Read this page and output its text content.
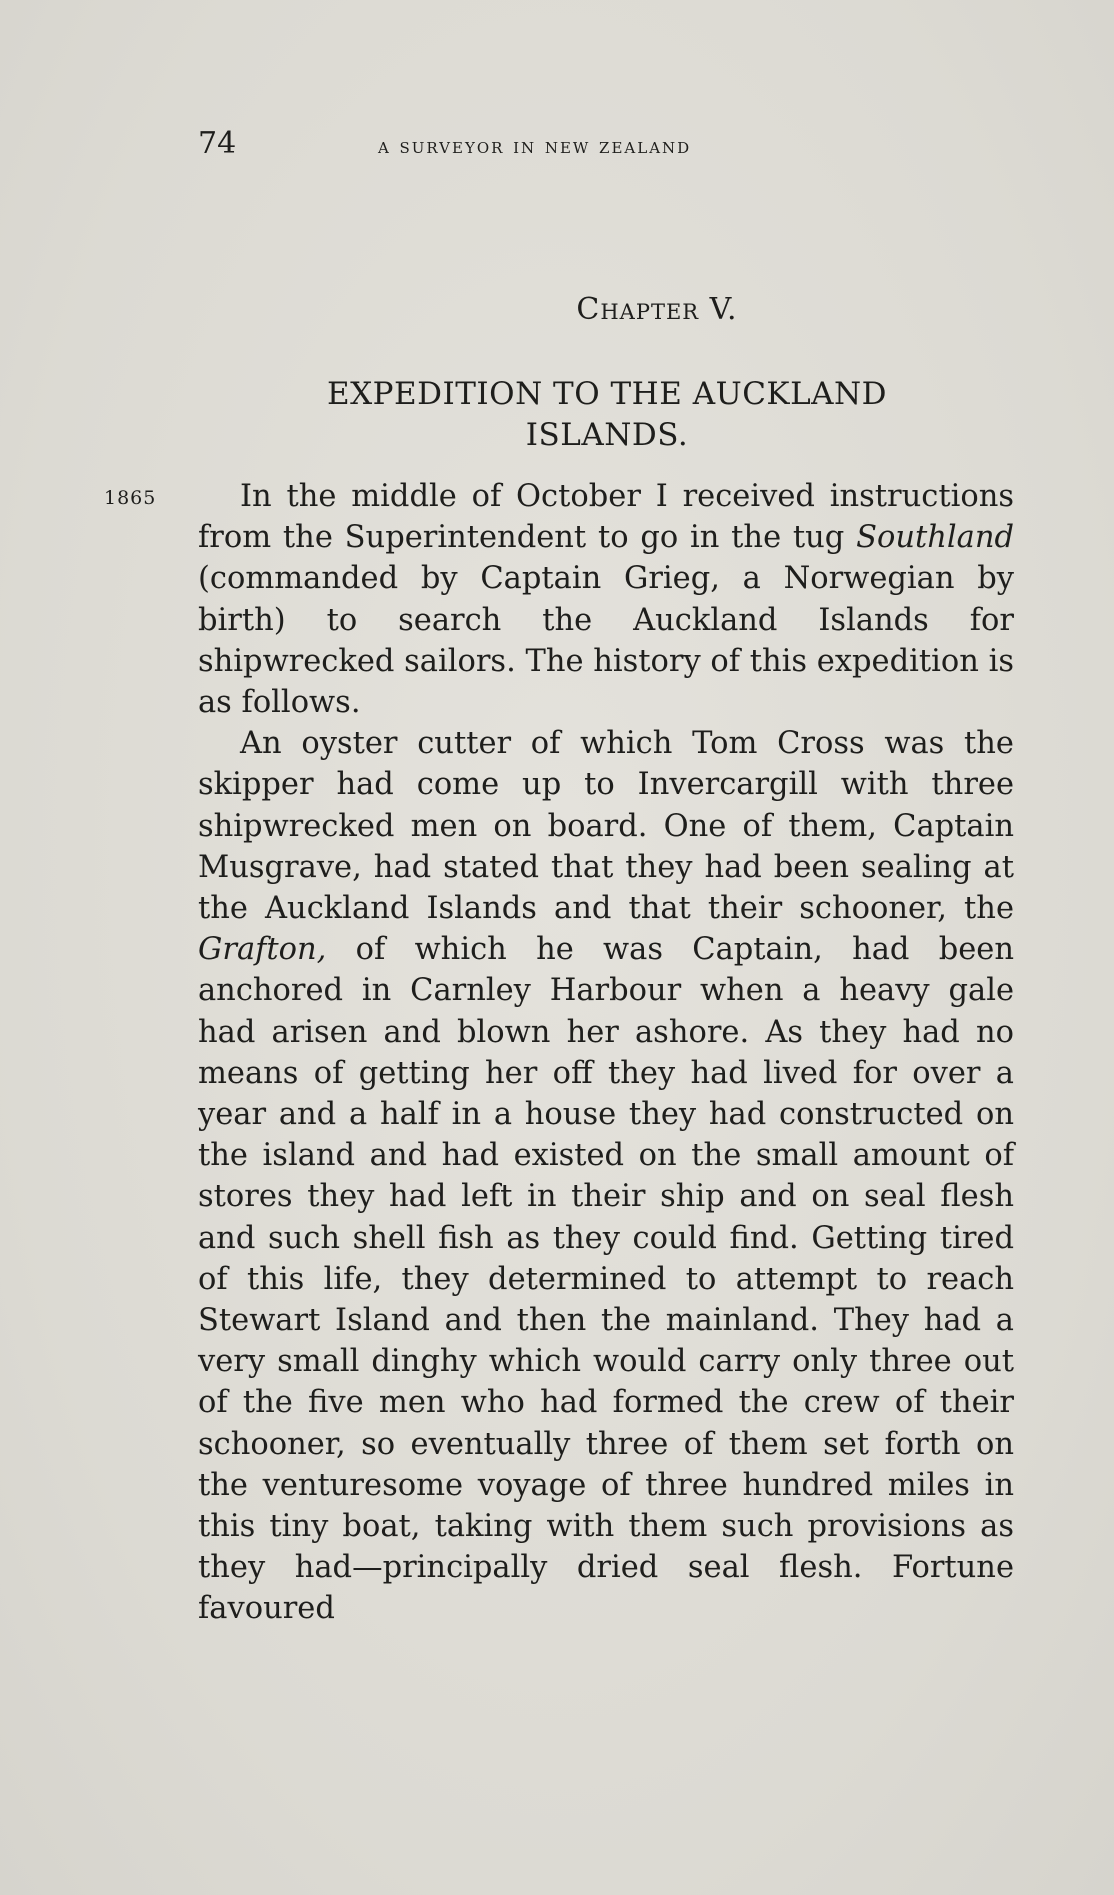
74	a surveyor in new zealand
Chapter V.
EXPEDITION TO THE AUCKLAND
ISLANDS.
1865	In the middle of October I received instructions from the Superintendent to go in the tug Southland (commanded by Captain Grieg, a Norwegian by birth) to search the Auckland Islands for shipwrecked sailors. The history of this expedition is as follows.

An oyster cutter of which Tom Cross was the skipper had come up to Invercargill with three shipwrecked men on board. One of them, Captain Musgrave, had stated that they had been sealing at the Auckland Islands and that their schooner, the Grafton, of which he was Captain, had been anchored in Carnley Harbour when a heavy gale had arisen and blown her ashore. As they had no means of getting her off they had lived for over a year and a half in a house they had constructed on the island and had existed on the small amount of stores they had left in their ship and on seal flesh and such shell fish as they could find. Getting tired of this life, they determined to attempt to reach Stewart Island and then the mainland. They had a very small dinghy which would carry only three out of the five men who had formed the crew of their schooner, so eventually three of them set forth on the venturesome voyage of three hundred miles in this tiny boat, taking with them such provisions as they had—principally dried seal flesh. Fortune favoured
